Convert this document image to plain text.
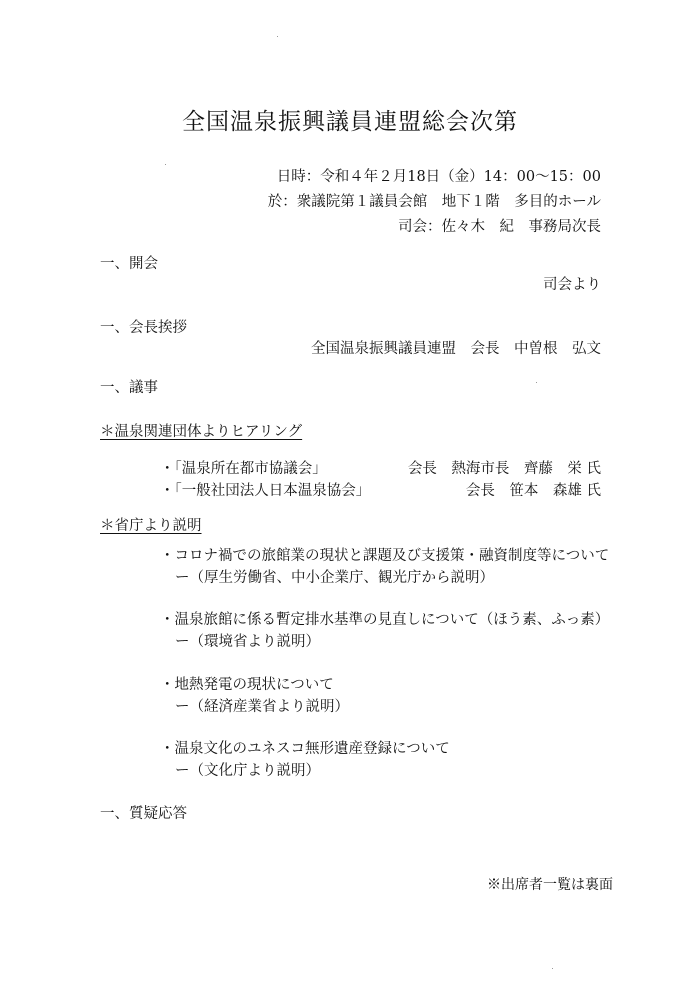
全国温泉振興議員連盟総会次第
日時：令和４年２月18日（金）14：00〜15：00
於：衆議院第１議員会館　地下１階　多目的ホール
司会：佐々木　紀　事務局次長
一、開会
司会より
一、会長挨拶
全国温泉振興議員連盟　会長　中曽根　弘文
一、議事
＊温泉関連団体よりヒアリング
・「温泉所在都市協議会」	会長　熱海市長　齊藤　栄 氏
・「一般社団法人日本温泉協会」	会長　笹本　森雄 氏
＊省庁より説明
・コロナ禍での旅館業の現状と課題及び支援策・融資制度等について
ー（厚生労働省、中小企業庁、観光庁から説明）
・温泉旅館に係る暫定排水基準の見直しについて（ほう素、ふっ素）
ー（環境省より説明）
・地熱発電の現状について
ー（経済産業省より説明）
・温泉文化のユネスコ無形遺産登録について
ー（文化庁より説明）
一、質疑応答
※出席者一覧は裏面
